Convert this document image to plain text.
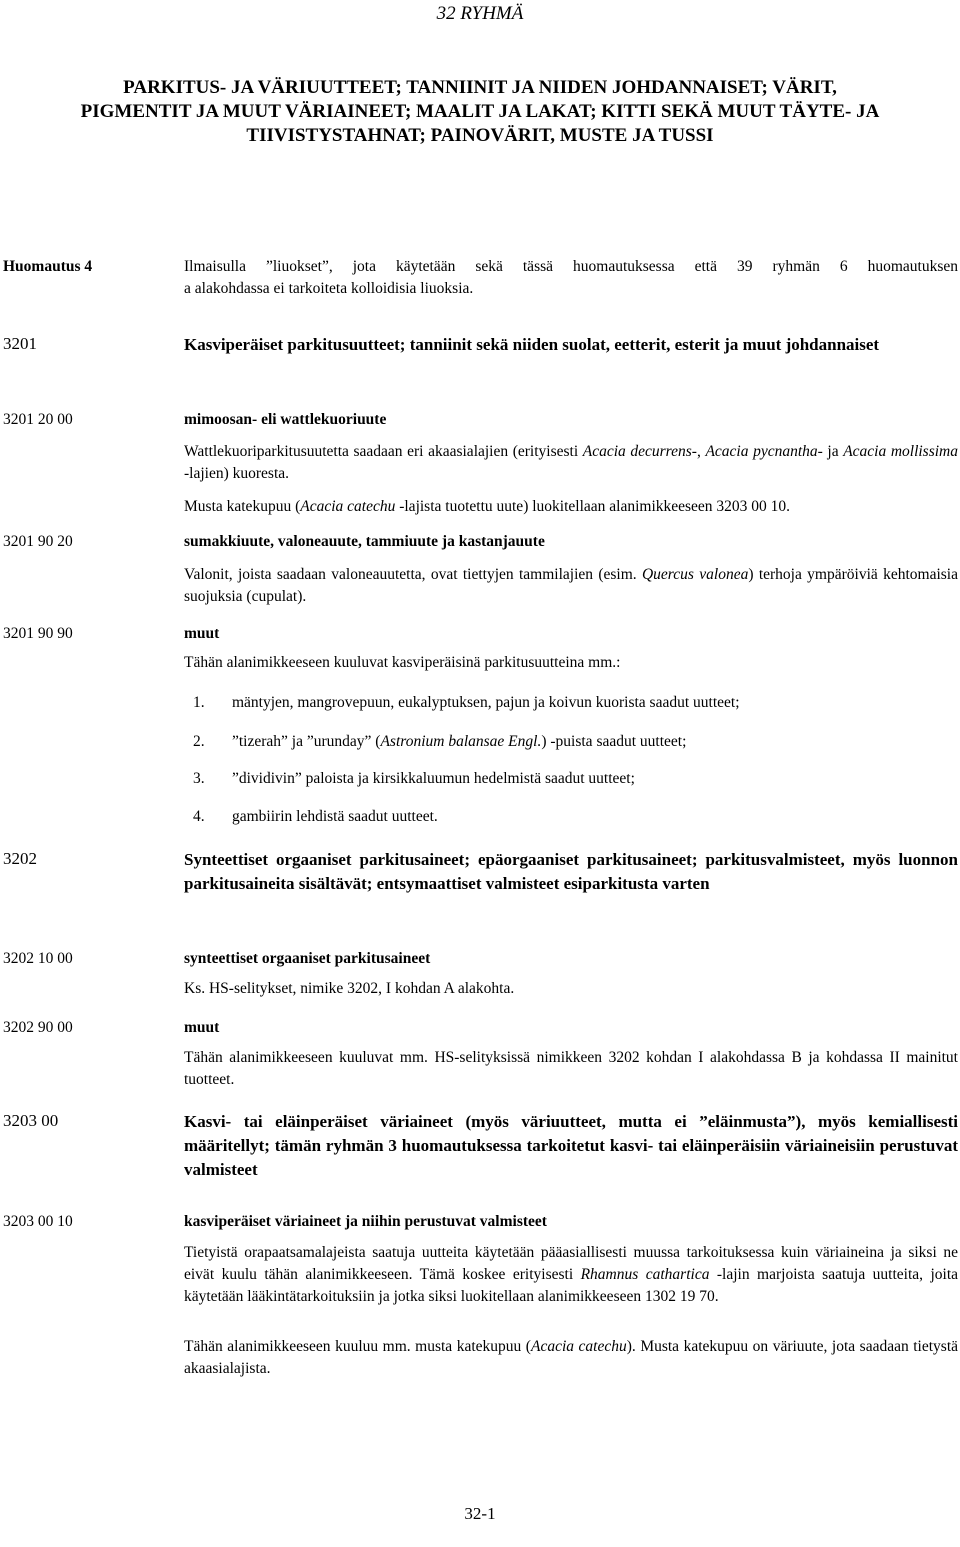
32 RYHMÄ
PARKITUS- JA VÄRIUUTTEET; TANNIINIT JA NIIDEN JOHDANNAISET; VÄRIT,
PIGMENTIT JA MUUT VÄRIAINEET; MAALIT JA LAKAT; KITTI SEKÄ MUUT TÄYTE- JA
TIIVISTYSTAHNAT; PAINOVÄRIT, MUSTE JA TUSSI
Huomautus 4	Ilmaisulla ”liuokset”, jota käytetään sekä tässä huomautuksessa että 39 ryhmän 6 huomautuksen
a alakohdassa ei tarkoiteta kolloidisia liuoksia.
3201	Kasviperäiset parkitusuutteet; tanniinit sekä niiden suolat, eetterit, esterit ja muut johdannaiset
3201 20 00	mimoosan- eli wattlekuoriuute
Wattlekuoriparkitusuutetta saadaan eri akaasialajien (erityisesti Acacia decurrens-, Acacia pycnantha- ja Acacia mollissima -lajien) kuoresta.
Musta katekupuu (Acacia catechu -lajista tuotettu uute) luokitellaan alanimikkeeseen 3203 00 10.
3201 90 20	sumakkiuute, valoneauute, tammiuute ja kastanjauute
Valonit, joista saadaan valoneauutetta, ovat tiettyjen tammilajien (esim. Quercus valonea) terhoja ympäröiviä kehtomaisia suojuksia (cupulat).
3201 90 90	muut
Tähän alanimikkeeseen kuuluvat kasviperäisinä parkitusuutteina mm.:
1.	mäntyjen, mangrovepuun, eukalyptuksen, pajun ja koivun kuorista saadut uutteet;
2.	”tizerah” ja ”urunday” (Astronium balansae Engl.) -puista saadut uutteet;
3.	”dividivin” paloista ja kirsikkaluumun hedelmistä saadut uutteet;
4.	gambiirin lehdistä saadut uutteet.
3202	Synteettiset orgaaniset parkitusaineet; epäorgaaniset parkitusaineet; parkitusvalmisteet, myös luonnon parkitusaineita sisältävät; entsymaattiset valmisteet esiparkitusta varten
3202 10 00	synteettiset orgaaniset parkitusaineet
Ks. HS-selitykset, nimike 3202, I kohdan A alakohta.
3202 90 00	muut
Tähän alanimikkeeseen kuuluvat mm. HS-selityksissä nimikkeen 3202 kohdan I alakohdassa B ja kohdassa II mainitut tuotteet.
3203 00	Kasvi- tai eläinperäiset väriaineet (myös väriuutteet, mutta ei ”eläinmusta”), myös kemiallisesti määritellyt; tämän ryhmän 3 huomautuksessa tarkoitetut kasvi- tai eläinperäisiin väriaineisiin perustuvat valmisteet
3203 00 10	kasviperäiset väriaineet ja niihin perustuvat valmisteet
Tietyistä orapaatsamalajeista saatuja uutteita käytetään pääasiallisesti muussa tarkoituksessa kuin väriaineina ja siksi ne eivät kuulu tähän alanimikkeeseen. Tämä koskee erityisesti Rhamnus cathartica -lajin marjoista saatuja uutteita, joita käytetään lääkintätarkoituksiin ja jotka siksi luokitellaan alanimikkeeseen 1302 19 70.
Tähän alanimikkeeseen kuuluu mm. musta katekupuu (Acacia catechu). Musta katekupuu on väriuute, jota saadaan tietystä akaasialajista.
32-1
